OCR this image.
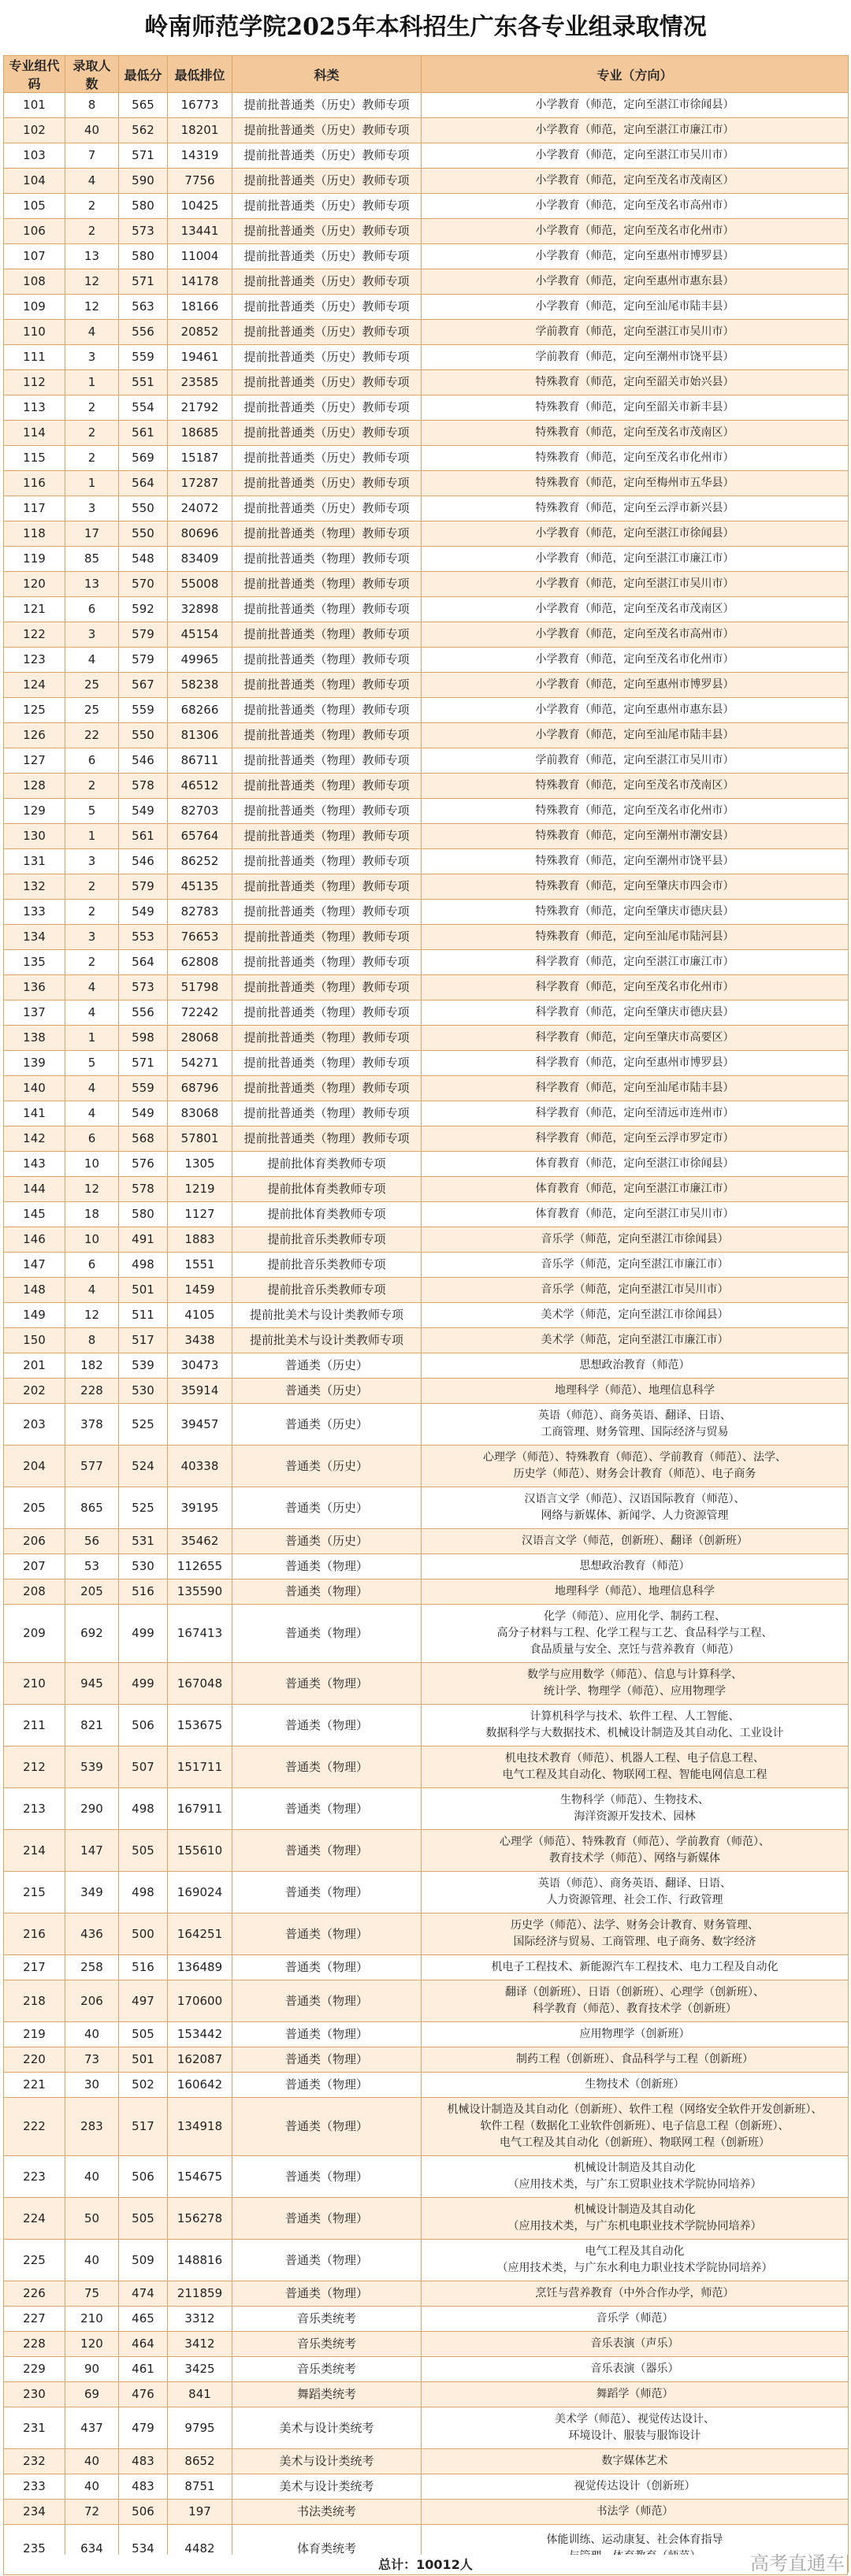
岭南师范学院2025年本科招生广东各专业组录取情况
专业组代码	录取人数	最低分	最低排位	科类	专业（方向）
101	8	565	16773	提前批普通类（历史）教师专项	小学教育（师范，定向至湛江市徐闻县）
102	40	562	18201	提前批普通类（历史）教师专项	小学教育（师范，定向至湛江市廉江市）
103	7	571	14319	提前批普通类（历史）教师专项	小学教育（师范，定向至湛江市吴川市）
104	4	590	7756	提前批普通类（历史）教师专项	小学教育（师范，定向至茂名市茂南区）
105	2	580	10425	提前批普通类（历史）教师专项	小学教育（师范，定向至茂名市高州市）
106	2	573	13441	提前批普通类（历史）教师专项	小学教育（师范，定向至茂名市化州市）
107	13	580	11004	提前批普通类（历史）教师专项	小学教育（师范，定向至惠州市博罗县）
108	12	571	14178	提前批普通类（历史）教师专项	小学教育（师范，定向至惠州市惠东县）
109	12	563	18166	提前批普通类（历史）教师专项	小学教育（师范，定向至汕尾市陆丰县）
110	4	556	20852	提前批普通类（历史）教师专项	学前教育（师范，定向至湛江市吴川市）
111	3	559	19461	提前批普通类（历史）教师专项	学前教育（师范，定向至潮州市饶平县）
112	1	551	23585	提前批普通类（历史）教师专项	特殊教育（师范，定向至韶关市始兴县）
113	2	554	21792	提前批普通类（历史）教师专项	特殊教育（师范，定向至韶关市新丰县）
114	2	561	18685	提前批普通类（历史）教师专项	特殊教育（师范，定向至茂名市茂南区）
115	2	569	15187	提前批普通类（历史）教师专项	特殊教育（师范，定向至茂名市化州市）
116	1	564	17287	提前批普通类（历史）教师专项	特殊教育（师范，定向至梅州市五华县）
117	3	550	24072	提前批普通类（历史）教师专项	特殊教育（师范，定向至云浮市新兴县）
118	17	550	80696	提前批普通类（物理）教师专项	小学教育（师范，定向至湛江市徐闻县）
119	85	548	83409	提前批普通类（物理）教师专项	小学教育（师范，定向至湛江市廉江市）
120	13	570	55008	提前批普通类（物理）教师专项	小学教育（师范，定向至湛江市吴川市）
121	6	592	32898	提前批普通类（物理）教师专项	小学教育（师范，定向至茂名市茂南区）
122	3	579	45154	提前批普通类（物理）教师专项	小学教育（师范，定向至茂名市高州市）
123	4	579	49965	提前批普通类（物理）教师专项	小学教育（师范，定向至茂名市化州市）
124	25	567	58238	提前批普通类（物理）教师专项	小学教育（师范，定向至惠州市博罗县）
125	25	559	68266	提前批普通类（物理）教师专项	小学教育（师范，定向至惠州市惠东县）
126	22	550	81306	提前批普通类（物理）教师专项	小学教育（师范，定向至汕尾市陆丰县）
127	6	546	86711	提前批普通类（物理）教师专项	学前教育（师范，定向至湛江市吴川市）
128	2	578	46512	提前批普通类（物理）教师专项	特殊教育（师范，定向至茂名市茂南区）
129	5	549	82703	提前批普通类（物理）教师专项	特殊教育（师范，定向至茂名市化州市）
130	1	561	65764	提前批普通类（物理）教师专项	特殊教育（师范，定向至潮州市潮安县）
131	3	546	86252	提前批普通类（物理）教师专项	特殊教育（师范，定向至潮州市饶平县）
132	2	579	45135	提前批普通类（物理）教师专项	特殊教育（师范，定向至肇庆市四会市）
133	2	549	82783	提前批普通类（物理）教师专项	特殊教育（师范，定向至肇庆市德庆县）
134	3	553	76653	提前批普通类（物理）教师专项	特殊教育（师范，定向至汕尾市陆河县）
135	2	564	62808	提前批普通类（物理）教师专项	科学教育（师范，定向至湛江市廉江市）
136	4	573	51798	提前批普通类（物理）教师专项	科学教育（师范，定向至茂名市化州市）
137	4	556	72242	提前批普通类（物理）教师专项	科学教育（师范，定向至肇庆市德庆县）
138	1	598	28068	提前批普通类（物理）教师专项	科学教育（师范，定向至肇庆市高要区）
139	5	571	54271	提前批普通类（物理）教师专项	科学教育（师范，定向至惠州市博罗县）
140	4	559	68796	提前批普通类（物理）教师专项	科学教育（师范，定向至汕尾市陆丰县）
141	4	549	83068	提前批普通类（物理）教师专项	科学教育（师范，定向至清远市连州市）
142	6	568	57801	提前批普通类（物理）教师专项	科学教育（师范，定向至云浮市罗定市）
143	10	576	1305	提前批体育类教师专项	体育教育（师范，定向至湛江市徐闻县）
144	12	578	1219	提前批体育类教师专项	体育教育（师范，定向至湛江市廉江市）
145	18	580	1127	提前批体育类教师专项	体育教育（师范，定向至湛江市吴川市）
146	10	491	1883	提前批音乐类教师专项	音乐学（师范，定向至湛江市徐闻县）
147	6	498	1551	提前批音乐类教师专项	音乐学（师范，定向至湛江市廉江市）
148	4	501	1459	提前批音乐类教师专项	音乐学（师范，定向至湛江市吴川市）
149	12	511	4105	提前批美术与设计类教师专项	美术学（师范，定向至湛江市徐闻县）
150	8	517	3438	提前批美术与设计类教师专项	美术学（师范，定向至湛江市廉江市）
201	182	539	30473	普通类（历史）	思想政治教育（师范）
202	228	530	35914	普通类（历史）	地理科学（师范）、地理信息科学
203	378	525	39457	普通类（历史）	英语（师范）、商务英语、翻译、日语、
工商管理、财务管理、国际经济与贸易
204	577	524	40338	普通类（历史）	心理学（师范）、特殊教育（师范）、学前教育（师范）、法学、
历史学（师范）、财务会计教育（师范）、电子商务
205	865	525	39195	普通类（历史）	汉语言文学（师范）、汉语国际教育（师范）、
网络与新媒体、新闻学、人力资源管理
206	56	531	35462	普通类（历史）	汉语言文学（师范，创新班）、翻译（创新班）
207	53	530	112655	普通类（物理）	思想政治教育（师范）
208	205	516	135590	普通类（物理）	地理科学（师范）、地理信息科学
209	692	499	167413	普通类（物理）	化学（师范）、应用化学、制药工程、
高分子材料与工程、化学工程与工艺、食品科学与工程、
食品质量与安全、烹饪与营养教育（师范）
210	945	499	167048	普通类（物理）	数学与应用数学（师范）、信息与计算科学、
统计学、物理学（师范）、应用物理学
211	821	506	153675	普通类（物理）	计算机科学与技术、软件工程、人工智能、
数据科学与大数据技术、机械设计制造及其自动化、工业设计
212	539	507	151711	普通类（物理）	机电技术教育（师范）、机器人工程、电子信息工程、
电气工程及其自动化、物联网工程、智能电网信息工程
213	290	498	167911	普通类（物理）	生物科学（师范）、生物技术、
海洋资源开发技术、园林
214	147	505	155610	普通类（物理）	心理学（师范）、特殊教育（师范）、学前教育（师范）、
教育技术学（师范）、网络与新媒体
215	349	498	169024	普通类（物理）	英语（师范）、商务英语、翻译、日语、
人力资源管理、社会工作、行政管理
216	436	500	164251	普通类（物理）	历史学（师范）、法学、财务会计教育、财务管理、
国际经济与贸易、工商管理、电子商务、数字经济
217	258	516	136489	普通类（物理）	机电子工程技术、新能源汽车工程技术、电力工程及自动化
218	206	497	170600	普通类（物理）	翻译（创新班）、日语（创新班）、心理学（创新班）、
科学教育（师范）、教育技术学（创新班）
219	40	505	153442	普通类（物理）	应用物理学（创新班）
220	73	501	162087	普通类（物理）	制药工程（创新班）、食品科学与工程（创新班）
221	30	502	160642	普通类（物理）	生物技术（创新班）
222	283	517	134918	普通类（物理）	机械设计制造及其自动化（创新班）、软件工程（网络安全软件开发创新班）、
软件工程（数据化工业软件创新班）、电子信息工程（创新班）、
电气工程及其自动化（创新班）、物联网工程（创新班）
223	40	506	154675	普通类（物理）	机械设计制造及其自动化
（应用技术类，与广东工贸职业技术学院协同培养）
224	50	505	156278	普通类（物理）	机械设计制造及其自动化
（应用技术类，与广东机电职业技术学院协同培养）
225	40	509	148816	普通类（物理）	电气工程及其自动化
（应用技术类，与广东水利电力职业技术学院协同培养）
226	75	474	211859	普通类（物理）	烹饪与营养教育（中外合作办学，师范）
227	210	465	3312	音乐类统考	音乐学（师范）
228	120	464	3412	音乐类统考	音乐表演（声乐）
229	90	461	3425	音乐类统考	音乐表演（器乐）
230	69	476	841	舞蹈类统考	舞蹈学（师范）
231	437	479	9795	美术与设计类统考	美术学（师范）、视觉传达设计、
环境设计、服装与服饰设计
232	40	483	8652	美术与设计类统考	数字媒体艺术
233	40	483	8751	美术与设计类统考	视觉传达设计（创新班）
234	72	506	197	书法类统考	书法学（师范）
235	634	534	4482	体育类统考	体能训练、运动康复、社会体育指导

总计：10012人	高考直通车
